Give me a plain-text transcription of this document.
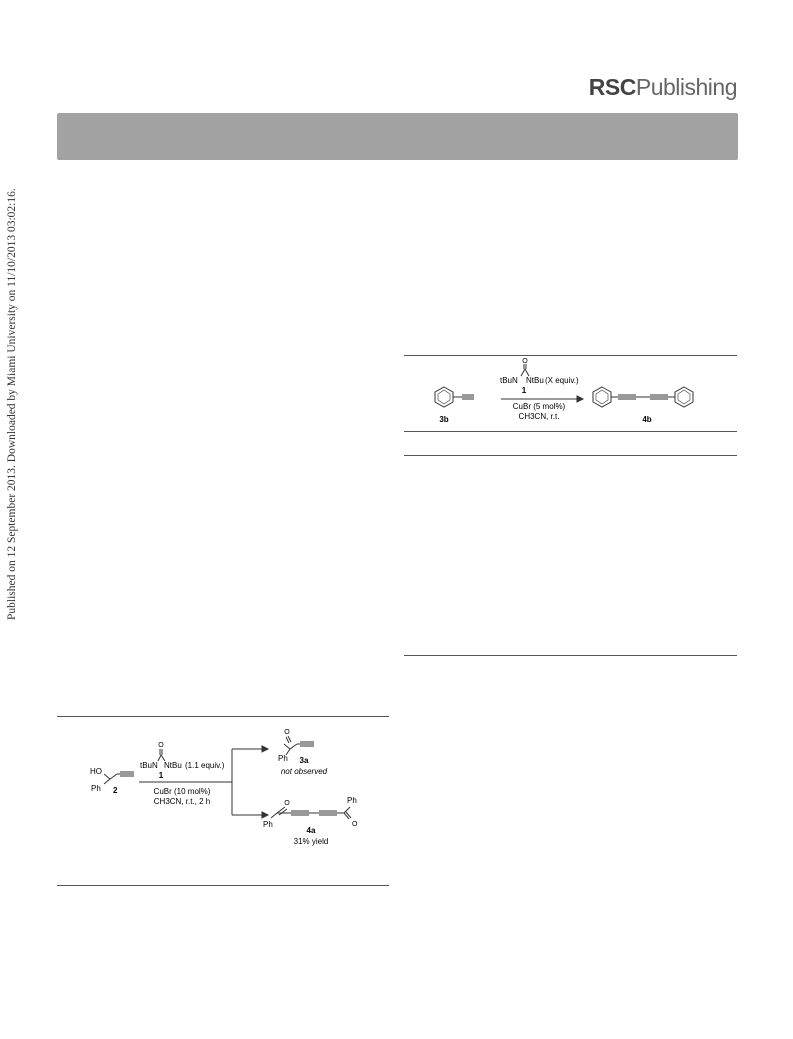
RSCPublishing
Published on 12 September 2013. Downloaded by Miami University on 11/10/2013 03:02:16.	O
tBuN NtBu (X equiv.)
1
CuBr (5 mol%)
CH3CN, r.t.
3b	4b
HO
Ph 2
O
tBuN NtBu (1.1 equiv.)
1
CuBr (10 mol%)
CH3CN, r.t., 2 h
O
Ph 3a
not observed
O
Ph
Ph
O
4a
31% yield
